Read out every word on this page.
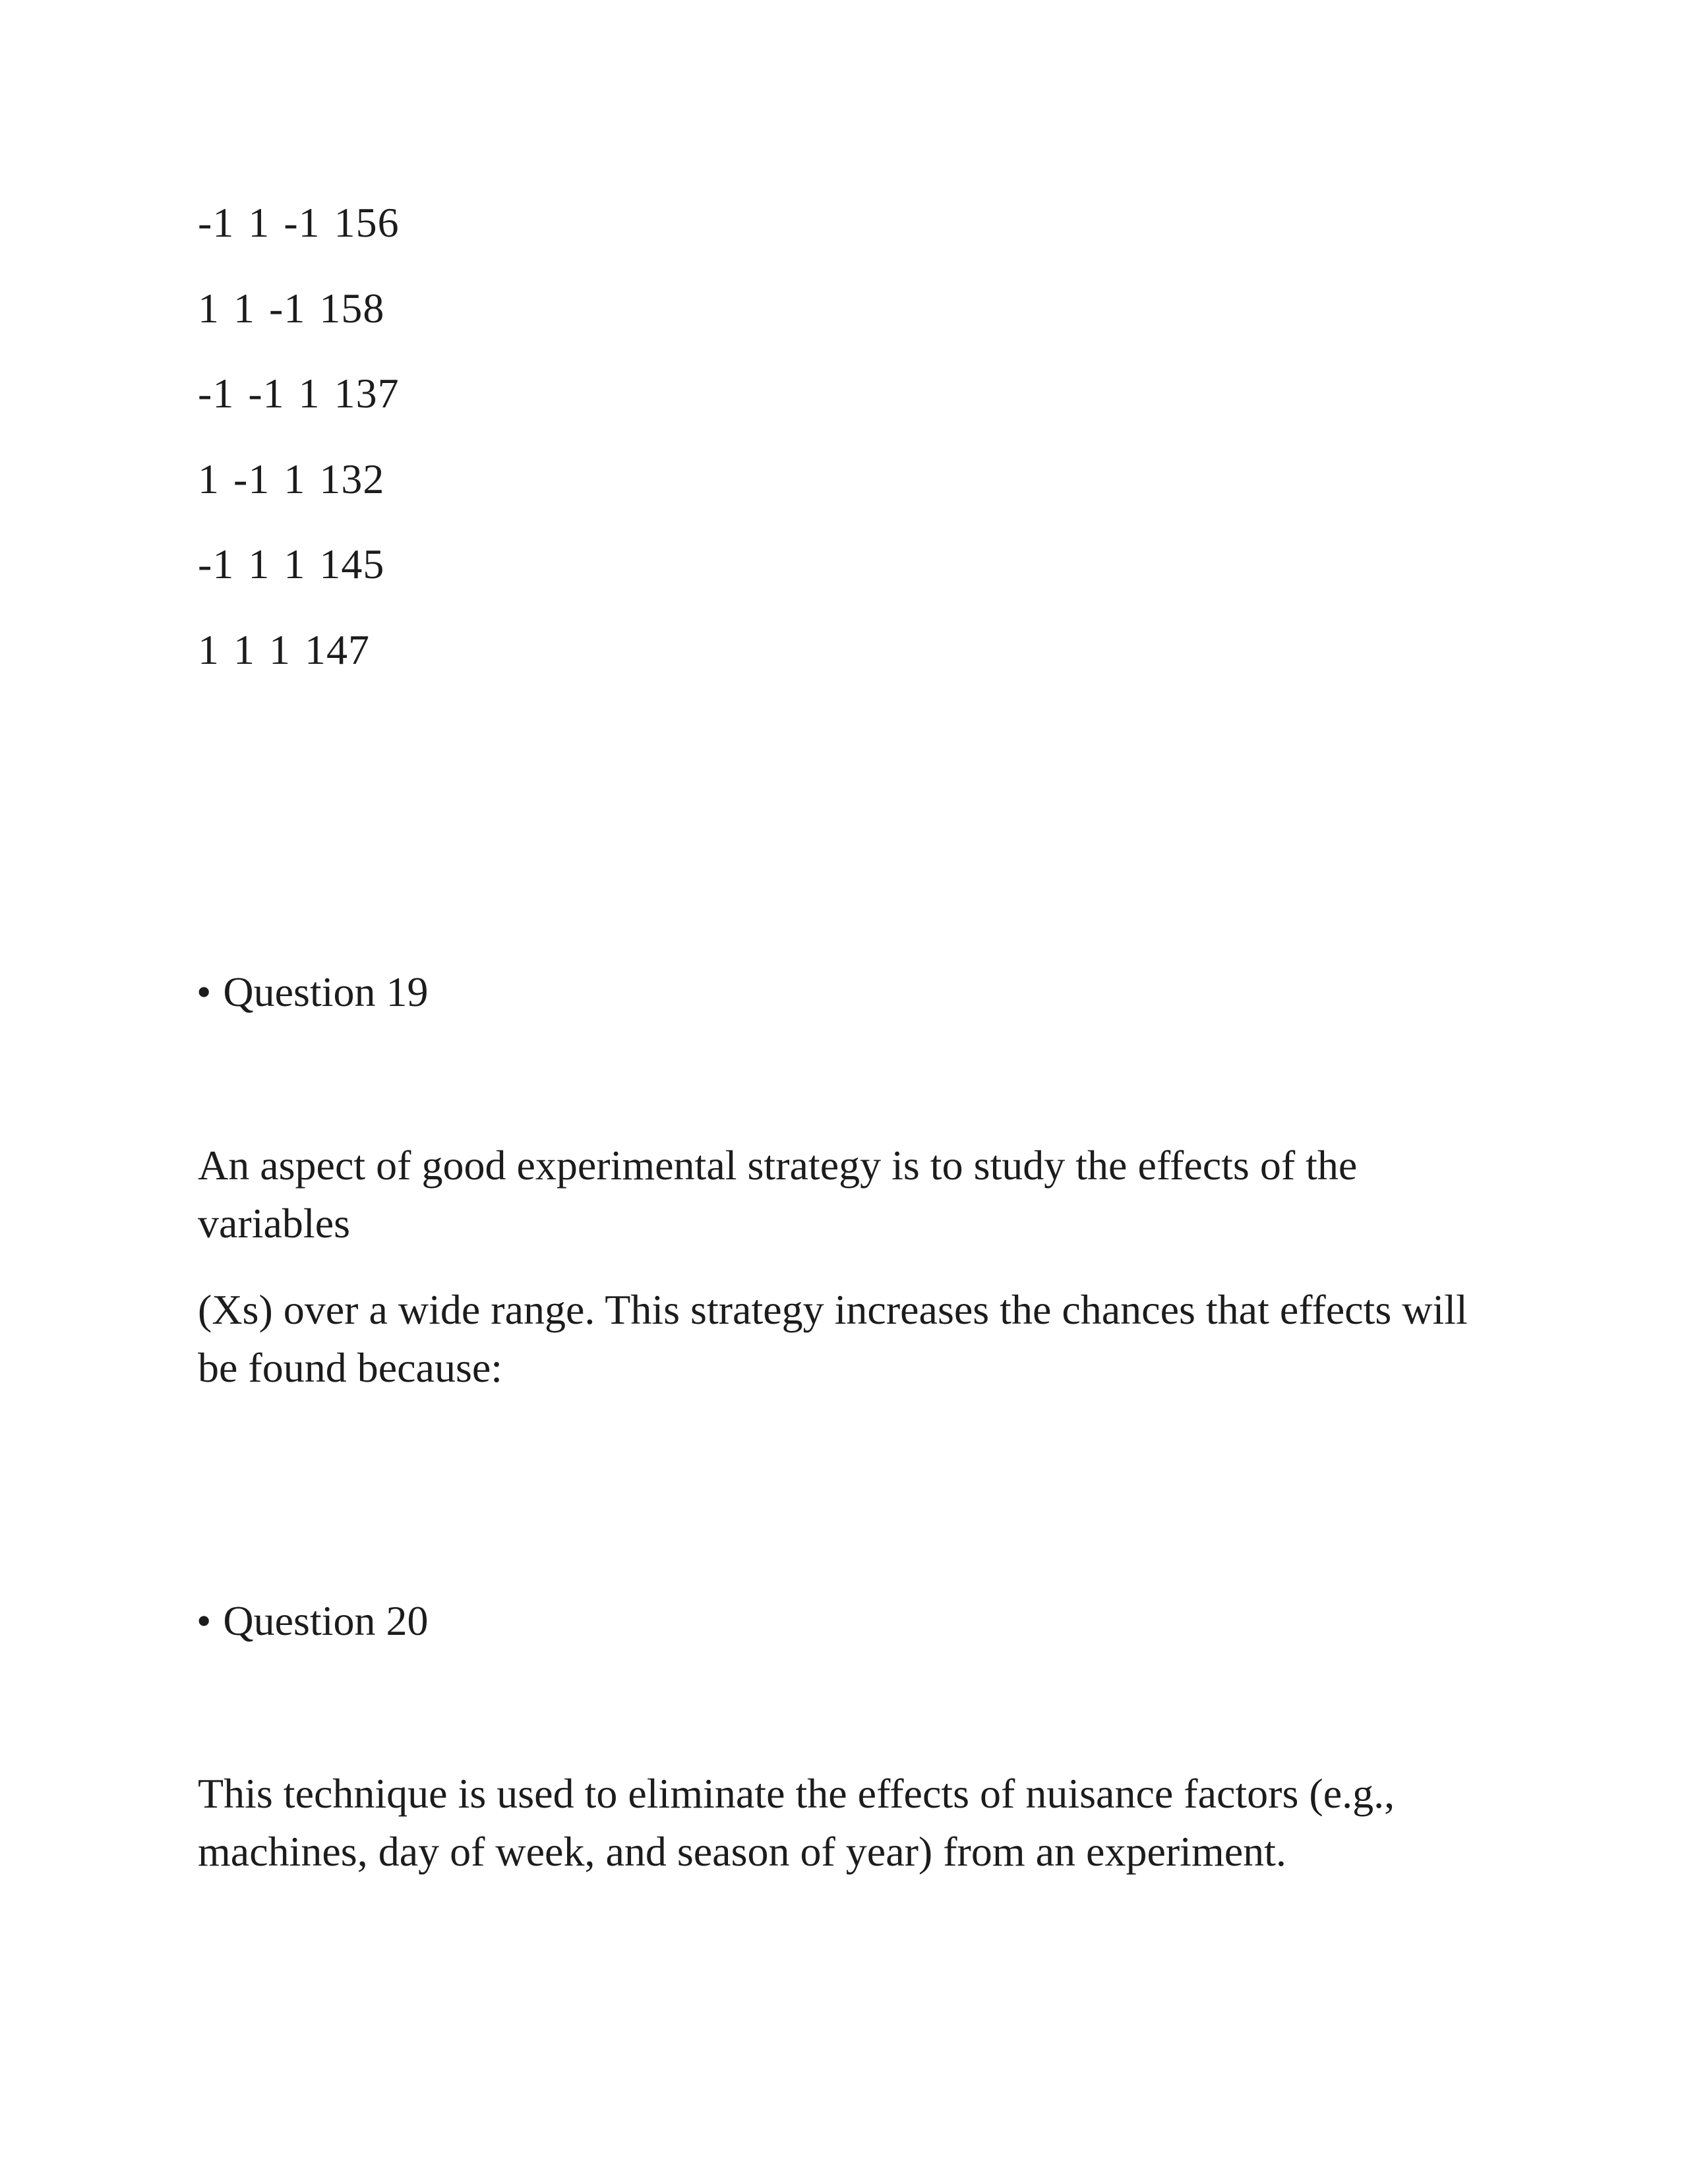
-1 1 -1 156
1 1 -1 158
-1 -1 1 137
1 -1 1 132
-1 1 1 145
1 1 1 147
• Question 19
An aspect of good experimental strategy is to study the effects of the variables
(Xs) over a wide range. This strategy increases the chances that effects will be found because:
• Question 20
This technique is used to eliminate the effects of nuisance factors (e.g., machines, day of week, and season of year) from an experiment.
